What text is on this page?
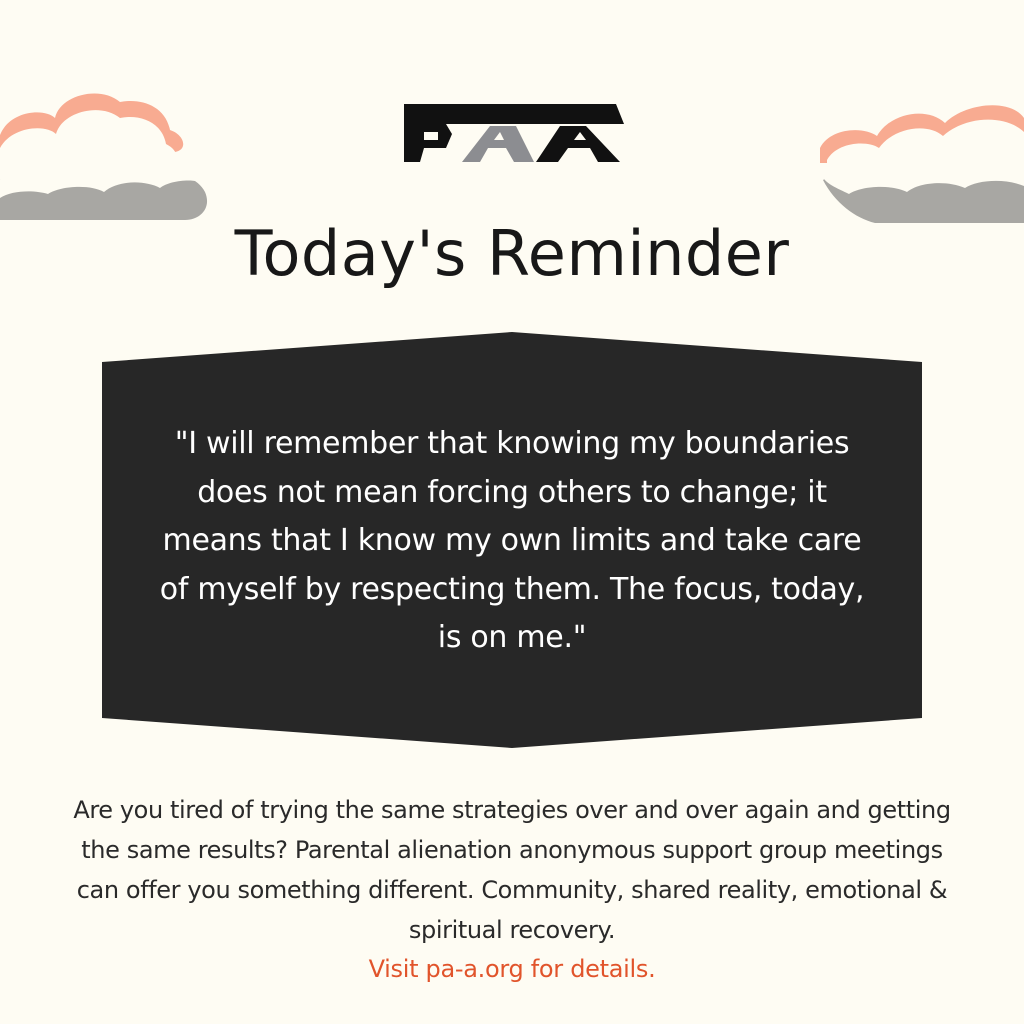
Today's Reminder
"I will remember that knowing my boundaries does not mean forcing others to change; it means that I know my own limits and take care of myself by respecting them. The focus, today, is on me."
Are you tired of trying the same strategies over and over again and getting the same results? Parental alienation anonymous support group meetings can offer you something different. Community, shared reality, emotional & spiritual recovery.
Visit pa-a.org for details.
